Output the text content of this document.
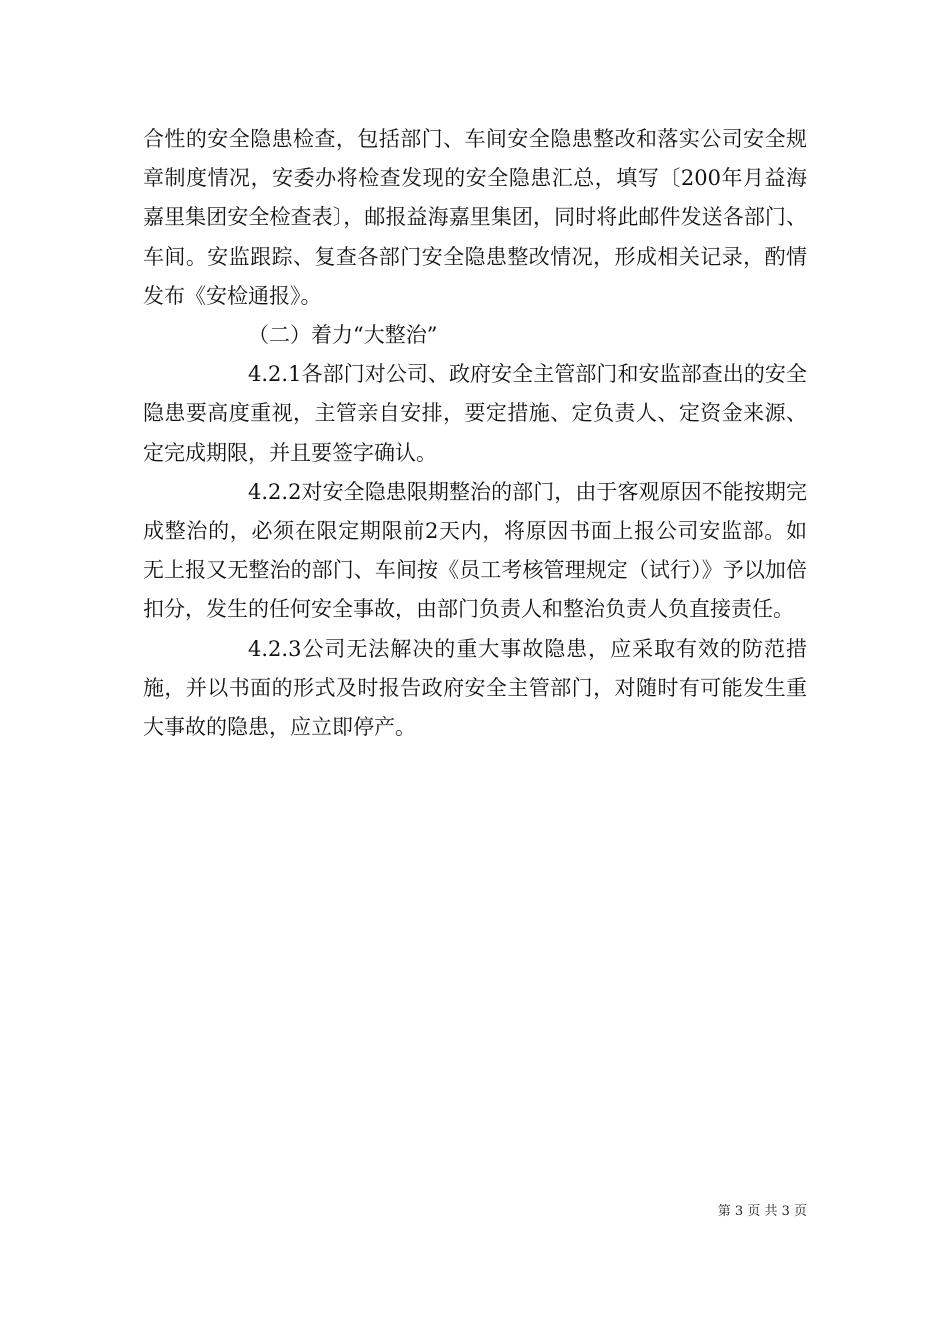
合性的安全隐患检查，包括部门、车间安全隐患整改和落实公司安全规章制度情况，安委办将检查发现的安全隐患汇总，填写〔200年月益海嘉里集团安全检查表〕，邮报益海嘉里集团，同时将此邮件发送各部门、车间。安监跟踪、复查各部门安全隐患整改情况，形成相关记录，酌情发布《安检通报》。

（二）着力“大整治”

4.2.1各部门对公司、政府安全主管部门和安监部查出的安全隐患要高度重视，主管亲自安排，要定措施、定负责人、定资金来源、定完成期限，并且要签字确认。

4.2.2对安全隐患限期整治的部门，由于客观原因不能按期完成整治的，必须在限定期限前2天内，将原因书面上报公司安监部。如无上报又无整治的部门、车间按《员工考核管理规定（试行）》予以加倍扣分，发生的任何安全事故，由部门负责人和整治负责人负直接责任。

4.2.3公司无法解决的重大事故隐患，应采取有效的防范措施，并以书面的形式及时报告政府安全主管部门，对随时有可能发生重大事故的隐患，应立即停产。

第 3 页 共 3 页
